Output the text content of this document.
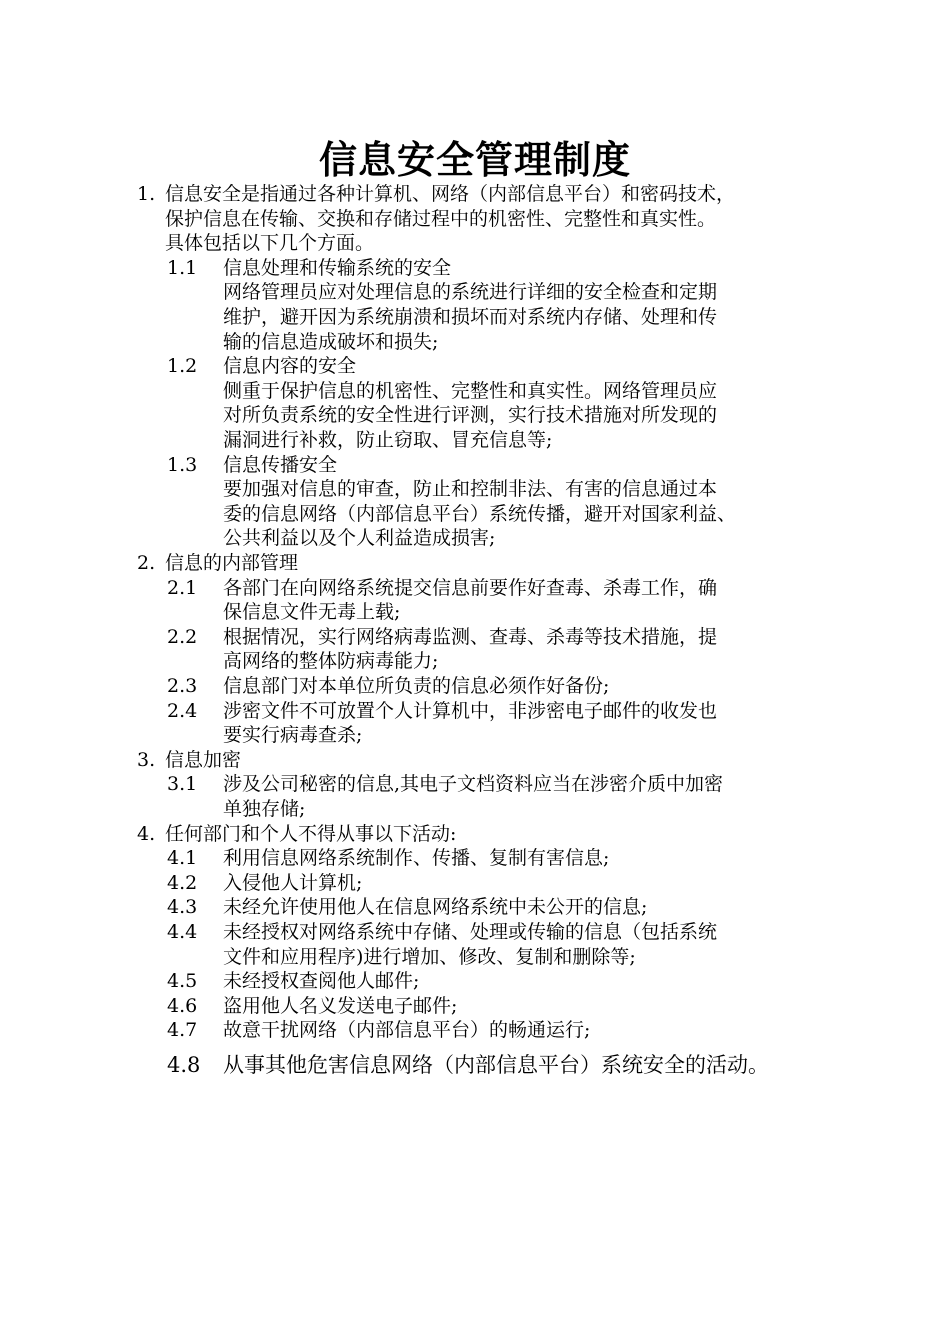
信息安全管理制度
1. 信息安全是指通过各种计算机、网络（内部信息平台）和密码技术，
保护信息在传输、交换和存储过程中的机密性、完整性和真实性。
具体包括以下几个方面。
1.1 信息处理和传输系统的安全
网络管理员应对处理信息的系统进行详细的安全检查和定期
维护，避开因为系统崩溃和损坏而对系统内存储、处理和传
输的信息造成破坏和损失;
1.2 信息内容的安全
侧重于保护信息的机密性、完整性和真实性。网络管理员应
对所负责系统的安全性进行评测，实行技术措施对所发现的
漏洞进行补救，防止窃取、冒充信息等;
1.3 信息传播安全
要加强对信息的审查，防止和控制非法、有害的信息通过本
委的信息网络（内部信息平台）系统传播，避开对国家利益、
公共利益以及个人利益造成损害;
2. 信息的内部管理
2.1 各部门在向网络系统提交信息前要作好查毒、杀毒工作，确
保信息文件无毒上载;
2.2 根据情况，实行网络病毒监测、查毒、杀毒等技术措施，提
高网络的整体防病毒能力;
2.3 信息部门对本单位所负责的信息必须作好备份;
2.4 涉密文件不可放置个人计算机中，非涉密电子邮件的收发也
要实行病毒查杀;
3. 信息加密
3.1 涉及公司秘密的信息,其电子文档资料应当在涉密介质中加密
单独存储;
4. 任何部门和个人不得从事以下活动:
4.1 利用信息网络系统制作、传播、复制有害信息;
4.2 入侵他人计算机;
4.3 未经允许使用他人在信息网络系统中未公开的信息;
4.4 未经授权对网络系统中存储、处理或传输的信息（包括系统
文件和应用程序)进行增加、修改、复制和删除等;
4.5 未经授权查阅他人邮件;
4.6 盗用他人名义发送电子邮件;
4.7 故意干扰网络（内部信息平台）的畅通运行;
4.8 从事其他危害信息网络（内部信息平台）系统安全的活动。
